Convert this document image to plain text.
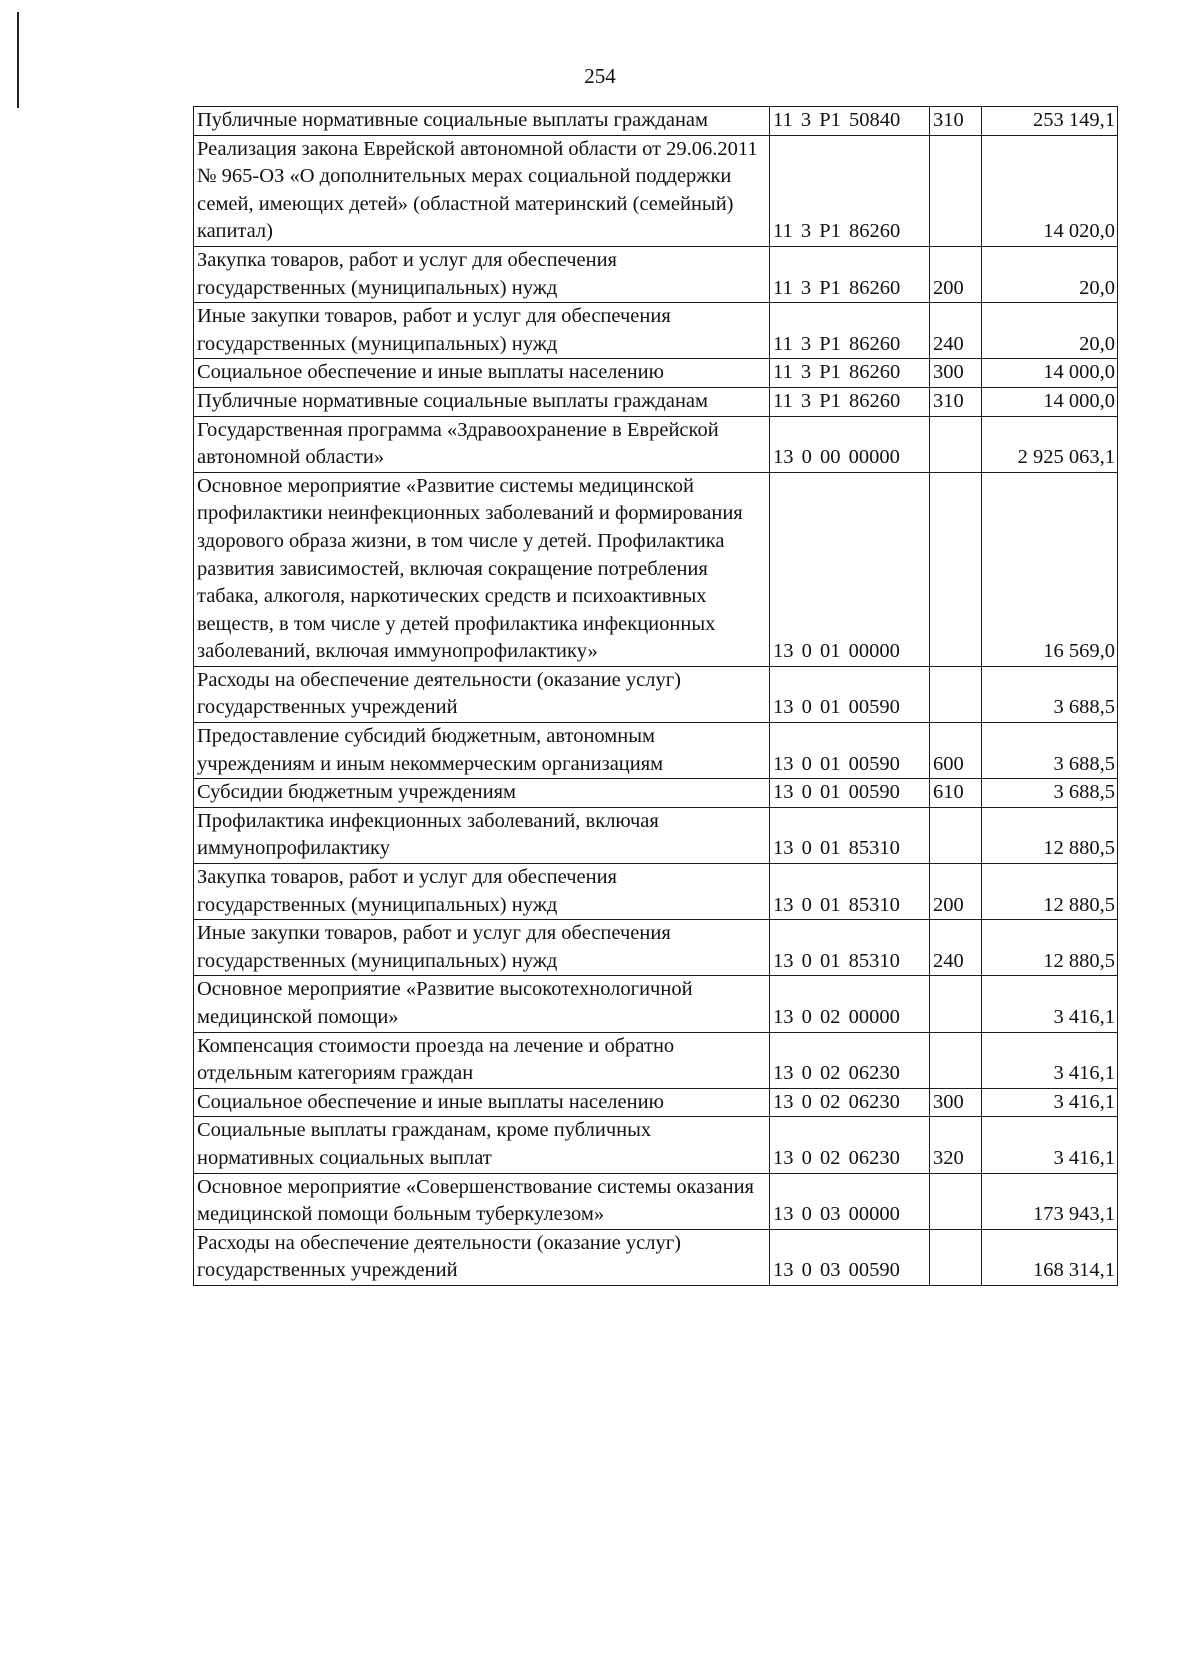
254
Публичные нормативные социальные выплаты гражданам	11 3 P1 50840	310	253 149,1
Реализация закона Еврейской автономной области от 29.06.2011 № 965-ОЗ «О дополнительных мерах социальной поддержки семей, имеющих детей» (областной материнский (семейный) капитал)	11 3 P1 86260		14 020,0
Закупка товаров, работ и услуг для обеспечения государственных (муниципальных) нужд	11 3 P1 86260	200	20,0
Иные закупки товаров, работ и услуг для обеспечения государственных (муниципальных) нужд	11 3 P1 86260	240	20,0
Социальное обеспечение и иные выплаты населению	11 3 P1 86260	300	14 000,0
Публичные нормативные социальные выплаты гражданам	11 3 P1 86260	310	14 000,0
Государственная программа «Здравоохранение в Еврейской автономной области»	13 0 00 00000		2 925 063,1
Основное мероприятие «Развитие системы медицинской профилактики неинфекционных заболеваний и формирования здорового образа жизни, в том числе у детей. Профилактика развития зависимостей, включая сокращение потребления табака, алкоголя, наркотических средств и психоактивных веществ, в том числе у детей профилактика инфекционных заболеваний, включая иммунопрофилактику»	13 0 01 00000		16 569,0
Расходы на обеспечение деятельности (оказание услуг) государственных учреждений	13 0 01 00590		3 688,5
Предоставление субсидий бюджетным, автономным учреждениям и иным некоммерческим организациям	13 0 01 00590	600	3 688,5
Субсидии бюджетным учреждениям	13 0 01 00590	610	3 688,5
Профилактика инфекционных заболеваний, включая иммунопрофилактику	13 0 01 85310		12 880,5
Закупка товаров, работ и услуг для обеспечения государственных (муниципальных) нужд	13 0 01 85310	200	12 880,5
Иные закупки товаров, работ и услуг для обеспечения государственных (муниципальных) нужд	13 0 01 85310	240	12 880,5
Основное мероприятие «Развитие высокотехнологичной медицинской помощи»	13 0 02 00000		3 416,1
Компенсация стоимости проезда на лечение и обратно отдельным категориям граждан	13 0 02 06230		3 416,1
Социальное обеспечение и иные выплаты населению	13 0 02 06230	300	3 416,1
Социальные выплаты гражданам, кроме публичных нормативных социальных выплат	13 0 02 06230	320	3 416,1
Основное мероприятие «Совершенствование системы оказания медицинской помощи больным туберкулезом»	13 0 03 00000		173 943,1
Расходы на обеспечение деятельности (оказание услуг) государственных учреждений	13 0 03 00590		168 314,1
